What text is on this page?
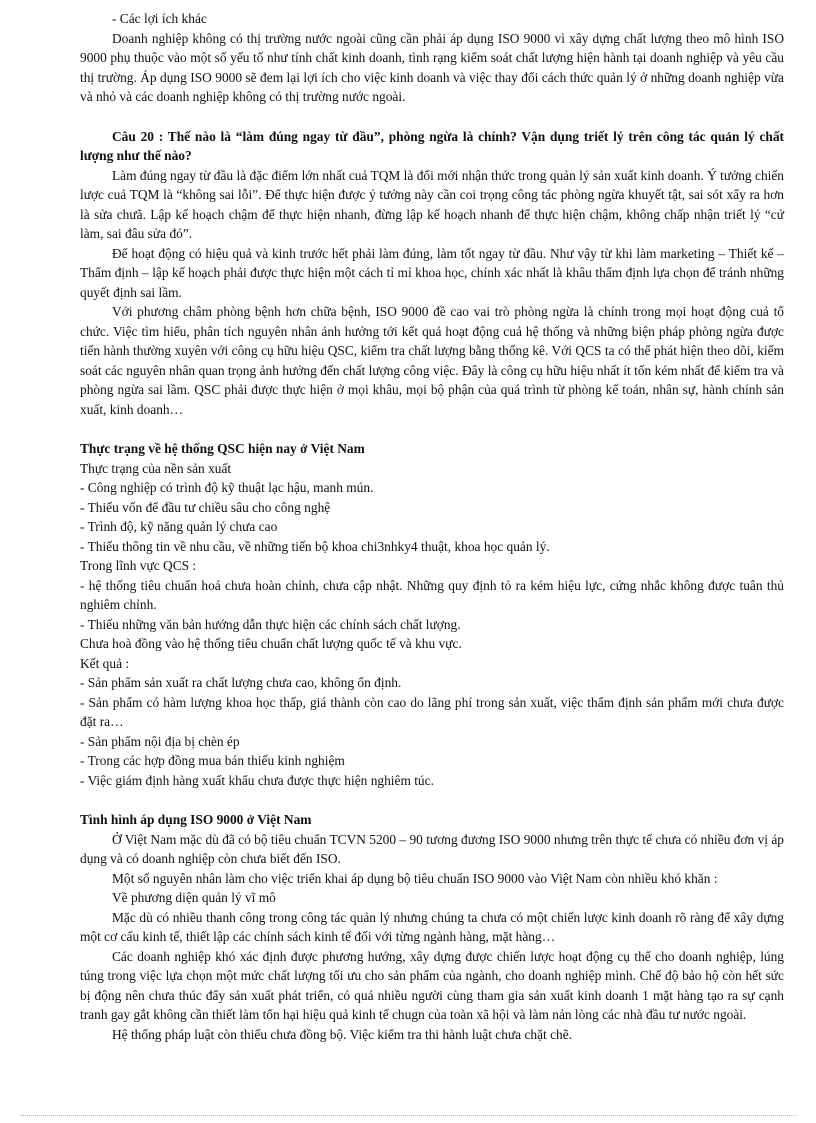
- Các lợi ích khác

Doanh nghiệp không có thị trường nước ngoài cũng cần phải áp dụng ISO 9000 vì xây dựng chất lượng theo mô hình ISO 9000 phụ thuộc vào một số yếu tố như tính chất kinh doanh, tình rạng kiểm soát chất lượng hiện hành tại doanh nghiệp và yêu cầu thị trường. Áp dụng ISO 9000 sẽ đem lại lợi ích cho việc kinh doanh và việc thay đổi cách thức quản lý ở những doanh nghiệp vừa và nhỏ và các doanh nghiệp không có thị trường nước ngoài.

Câu 20 : Thế nào là “làm đúng ngay từ đầu”, phòng ngừa là chính? Vận dụng triết lý trên công tác quản lý chất lượng như thế nào?

Làm đúng ngay từ đầu là đặc điểm lớn nhất cuả TQM là đổi mới nhận thức trong quản lý sản xuất kinh doanh. Ý tưởng chiến lược cuả TQM là “không sai lỗi”. Để thực hiện được ý tưởng này cần coi trọng công tác phòng ngừa khuyết tật, sai sót xẩy ra hơn là sửa chưã. Lập kế hoạch chậm để thực hiện nhanh, đừng lập kế hoạch nhanh để thực hiện chậm, không chấp nhận triết lý “cứ làm, sai đâu sửa đó”.

Để hoạt động có hiệu quả và kinh trước hết phải làm đúng, làm tốt ngay từ đầu. Như vậy từ khi làm marketing – Thiết kế – Thẩm định – lập kế hoạch phải được thực hiện một cách tỉ mỉ khoa học, chính xác nhất là khâu thẩm định lựa chọn để tránh những quyết định sai lầm.

Với phương châm phòng bệnh hơn chữa bệnh, ISO 9000 đề cao vai trò phòng ngừa là chính trong mọi hoạt động cuả tổ chức. Việc tìm hiểu, phân tích nguyên nhân ảnh hưởng tới kết quả hoạt động cuả hệ thống và những biện pháp phòng ngừa được tiến hành thường xuyên với công cụ hữu hiệu QSC, kiểm tra chất lượng bằng thống kê. Với QCS ta có thể phát hiện theo dõi, kiểm soát các nguyên nhân quan trọng ảnh hưởng đến chất lượng công việc. Đây là công cụ hữu hiệu nhất ít tốn kém nhất để kiểm tra và phòng ngừa sai lầm. QSC phải được thực hiện ở mọi khâu, mọi bộ phận của quá trình từ phòng kế toán, nhân sự, hành chính sản xuất, kinh doanh…

Thực trạng về hệ thống QSC hiện nay ở Việt Nam

Thực trạng của nền sản xuất

- Công nghiệp có trình độ kỹ thuật lạc hậu, manh mún.

- Thiếu vốn để đầu tư chiều sâu cho công nghệ

- Trình độ, kỹ năng quản lý chưa cao

- Thiếu thông tin về nhu cầu, về những tiến bộ khoa chi3nhky4 thuật, khoa học quản lý.

Trong lĩnh vực QCS :

- hệ thống tiêu chuẩn hoá chưa hoàn chỉnh, chưa cập nhật. Những quy định tỏ ra kém hiệu lực, cứng nhắc không được tuân thủ nghiêm chỉnh.

- Thiếu những văn bản hướng dẫn thực hiện các chính sách chất lượng.

Chưa hoà đồng vào hệ thống tiêu chuẩn chất lượng quốc tế và khu vực.

Kết quả :

- Sản phẩm sản xuất ra chất lượng chưa cao, không ổn định.

- Sản phẩm có hàm lượng khoa học thấp, giá thành còn cao do lãng phí trong sản xuất, việc thẩm định sản phẩm mới chưa được đặt ra…

- Sản phẩm nội địa bị chèn ép

- Trong các hợp đồng mua bán thiếu kinh nghiệm

- Việc giám định hàng xuất khẩu chưa được thực hiện nghiêm túc.

Tình hình áp dụng ISO 9000 ở Việt Nam

Ở Việt Nam mặc dù đã có bộ tiêu chuẩn TCVN 5200 – 90 tương đương ISO 9000 nhưng trên thực tế chưa có nhiều đơn vị áp dụng và có doanh nghiệp còn chưa biết đến ISO.

Một số nguyên nhân làm cho việc triển khai áp dụng bộ tiêu chuẩn ISO 9000 vào Việt Nam còn nhiều khó khăn :

Về phương diện quản lý vĩ mô

Mặc dù có nhiều thanh công trong công tác quản lý nhưng chúng ta chưa có một chiến lược kinh doanh rõ ràng để xây dựng một cơ cấu kinh tế, thiết lập các chính sách kinh tế đối với từng ngành hàng, mặt hàng…

Các doanh nghiệp khó xác định được phương hướng, xây dựng được chiến lược hoạt động cụ thể cho doanh nghiệp, lúng túng trong việc lựa chọn một mức chất lượng tối ưu cho sản phẩm của ngành, cho doanh nghiệp mình. Chế độ bảo hộ còn hết sức bị động nên chưa thúc đẩy sản xuất phát triển, có quá nhiều người cùng tham gia sản xuất kinh doanh 1 mặt hàng tạo ra sự cạnh tranh gay gắt không cần thiết làm tổn hại hiệu quả kinh tế chugn của toàn xã hội và làm nản lòng các nhà đầu tư nước ngoài.

Hệ thống pháp luật còn thiếu chưa đồng bộ. Việc kiểm tra thi hành luật chưa chặt chẽ.
